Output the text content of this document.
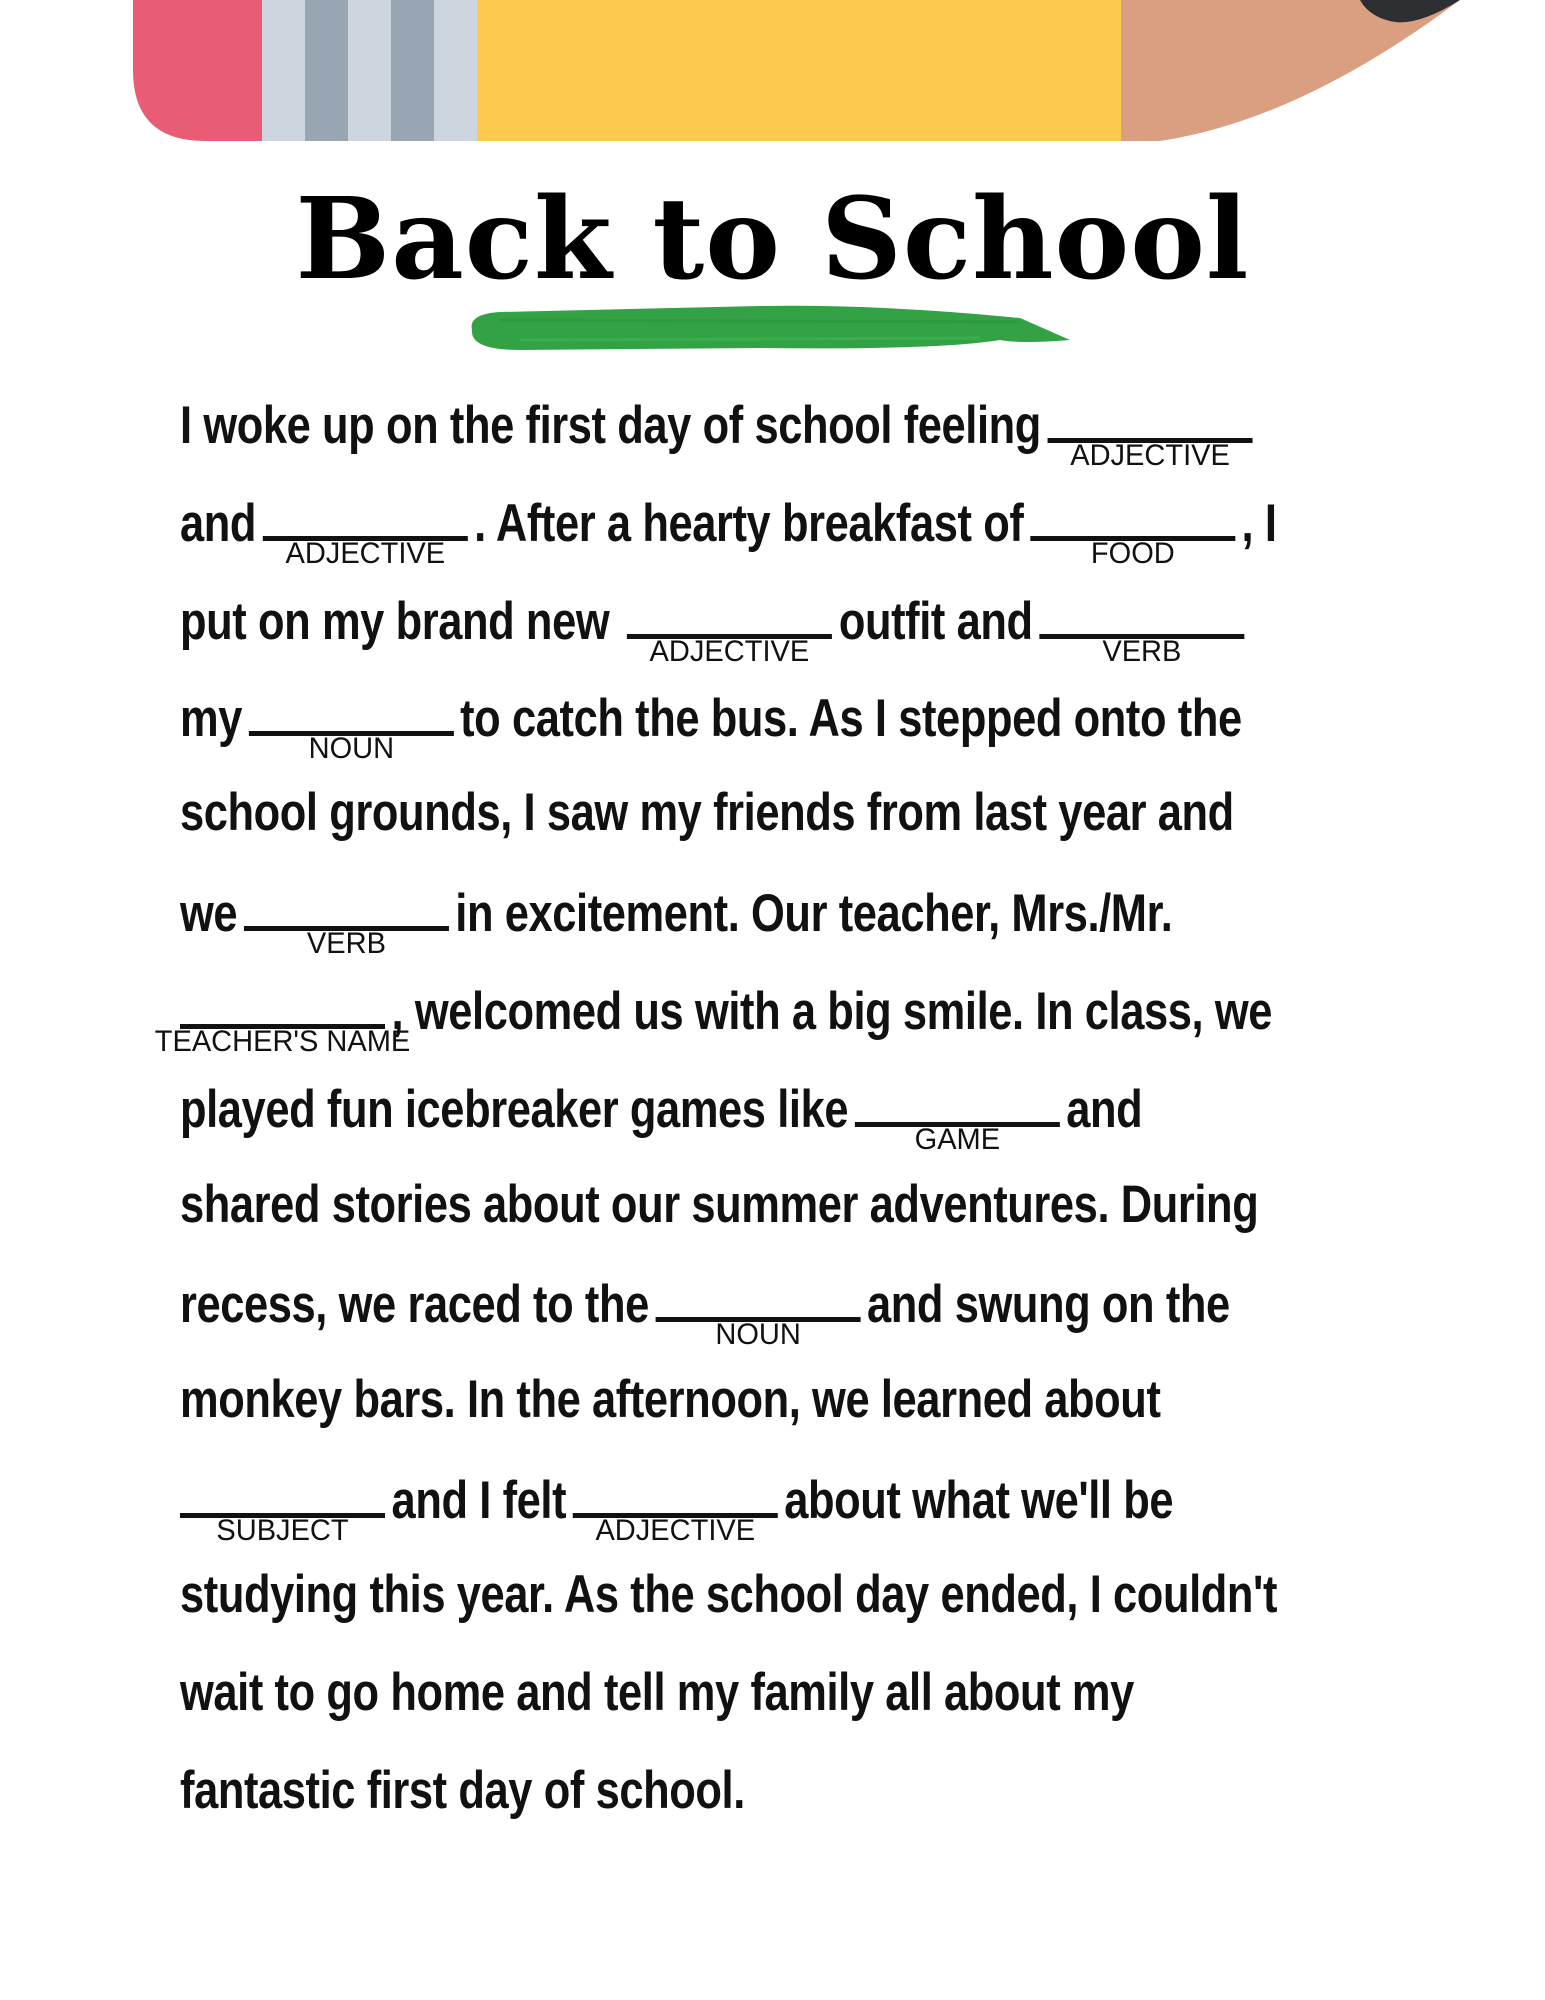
Back to School
I woke up on the first day of school feeling
ADJECTIVE
and
ADJECTIVE
. After a hearty breakfast of
FOOD
, I
put on my brand new
ADJECTIVE
outfit and
VERB
my
NOUN
to catch the bus. As I stepped onto the
school grounds, I saw my friends from last year and
we
VERB
in excitement. Our teacher, Mrs./Mr.
TEACHER'S NAME
, welcomed us with a big smile. In class, we
played fun icebreaker games like
GAME
and
shared stories about our summer adventures. During
recess, we raced to the
NOUN
and swung on the
monkey bars. In the afternoon, we learned about
SUBJECT
and I felt
ADJECTIVE
about what we'll be
studying this year. As the school day ended, I couldn't
wait to go home and tell my family all about my
fantastic first day of school.
